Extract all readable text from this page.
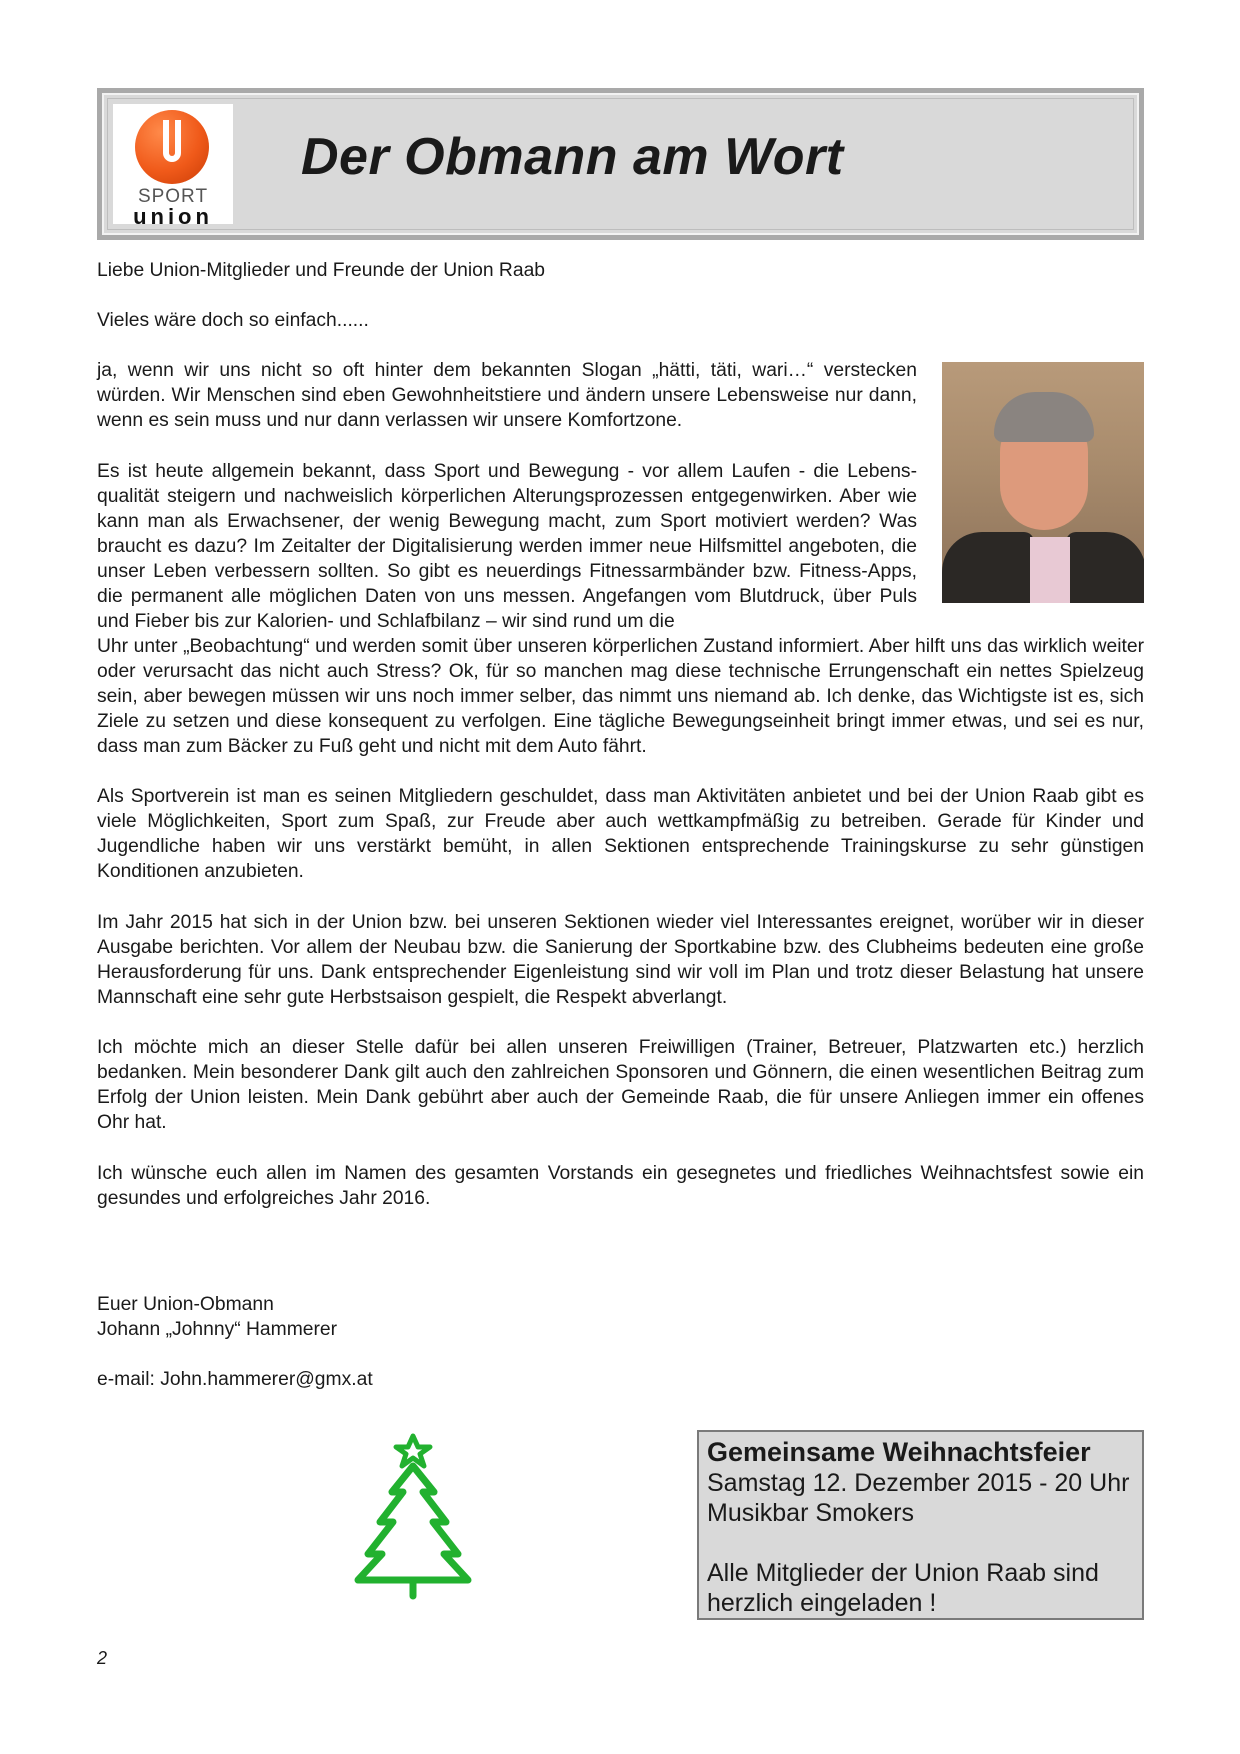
SPORT
union
Der Obmann am Wort
Liebe Union-Mitglieder und Freunde der Union Raab
Vieles wäre doch so einfach......
ja, wenn wir uns nicht so oft hinter dem bekannten Slogan „hätti, täti, wari…“ verstecken würden. Wir Menschen sind eben Gewohnheitstiere und ändern unsere Lebensweise nur dann, wenn es sein muss und nur dann verlassen wir unsere Komfortzone.
Es ist heute allgemein bekannt, dass Sport und Bewegung - vor allem Laufen - die Lebensqualität steigern und nachweislich körperlichen Alterungsprozessen entgegenwirken. Aber wie kann man als Erwachsener, der wenig Bewegung macht, zum Sport motiviert werden? Was braucht es dazu? Im Zeitalter der Digitalisierung werden immer neue Hilfsmittel angeboten, die unser Leben verbessern sollten. So gibt es neuerdings Fitnessarmbänder bzw. Fitness-Apps, die permanent alle möglichen Daten von uns messen. Angefangen vom Blutdruck, über Puls und Fieber bis zur Kalorien- und Schlafbilanz – wir sind rund um die
Uhr unter „Beobachtung“ und werden somit über unseren körperlichen Zustand informiert. Aber hilft uns das wirklich weiter oder verursacht das nicht auch Stress? Ok, für so manchen mag diese technische Errungenschaft ein nettes Spielzeug sein, aber bewegen müssen wir uns noch immer selber, das nimmt uns niemand ab. Ich denke, das Wichtigste ist es, sich Ziele zu setzen und diese konsequent zu verfolgen. Eine tägliche Bewegungseinheit bringt immer etwas, und sei es nur, dass man zum Bäcker zu Fuß geht und nicht mit dem Auto fährt.
Als Sportverein ist man es seinen Mitgliedern geschuldet, dass man Aktivitäten anbietet und bei der Union Raab gibt es viele Möglichkeiten, Sport zum Spaß, zur Freude aber auch wettkampfmäßig zu betreiben. Gerade für Kinder und Jugendliche haben wir uns verstärkt bemüht, in allen Sektionen entsprechende Trainingskurse zu sehr günstigen Konditionen anzubieten.
Im Jahr 2015 hat sich in der Union bzw. bei unseren Sektionen wieder viel Interessantes ereignet, worüber wir in dieser Ausgabe berichten. Vor allem der Neubau bzw. die Sanierung der Sportkabine bzw. des Clubheims bedeuten eine große Herausforderung für uns. Dank entsprechender Eigenleistung sind wir voll im Plan und trotz dieser Belastung hat unsere Mannschaft eine sehr gute Herbstsaison gespielt, die Respekt abverlangt.
Ich möchte mich an dieser Stelle dafür bei allen unseren Freiwilligen (Trainer, Betreuer, Platzwarten etc.) herzlich bedanken. Mein besonderer Dank gilt auch den zahlreichen Sponsoren und Gönnern, die einen wesentlichen Beitrag zum Erfolg der Union leisten. Mein Dank gebührt aber auch der Gemeinde Raab, die für unsere Anliegen immer ein offenes Ohr hat.
Ich wünsche euch allen im Namen des gesamten Vorstands ein gesegnetes und friedliches Weihnachtsfest sowie ein gesundes und erfolgreiches Jahr 2016.
Euer Union-Obmann
Johann „Johnny“ Hammerer
e-mail: John.hammerer@gmx.at
Gemeinsame Weihnachtsfeier
Samstag 12. Dezember 2015 - 20 Uhr
Musikbar Smokers
Alle Mitglieder der Union Raab sind
herzlich eingeladen !
2
